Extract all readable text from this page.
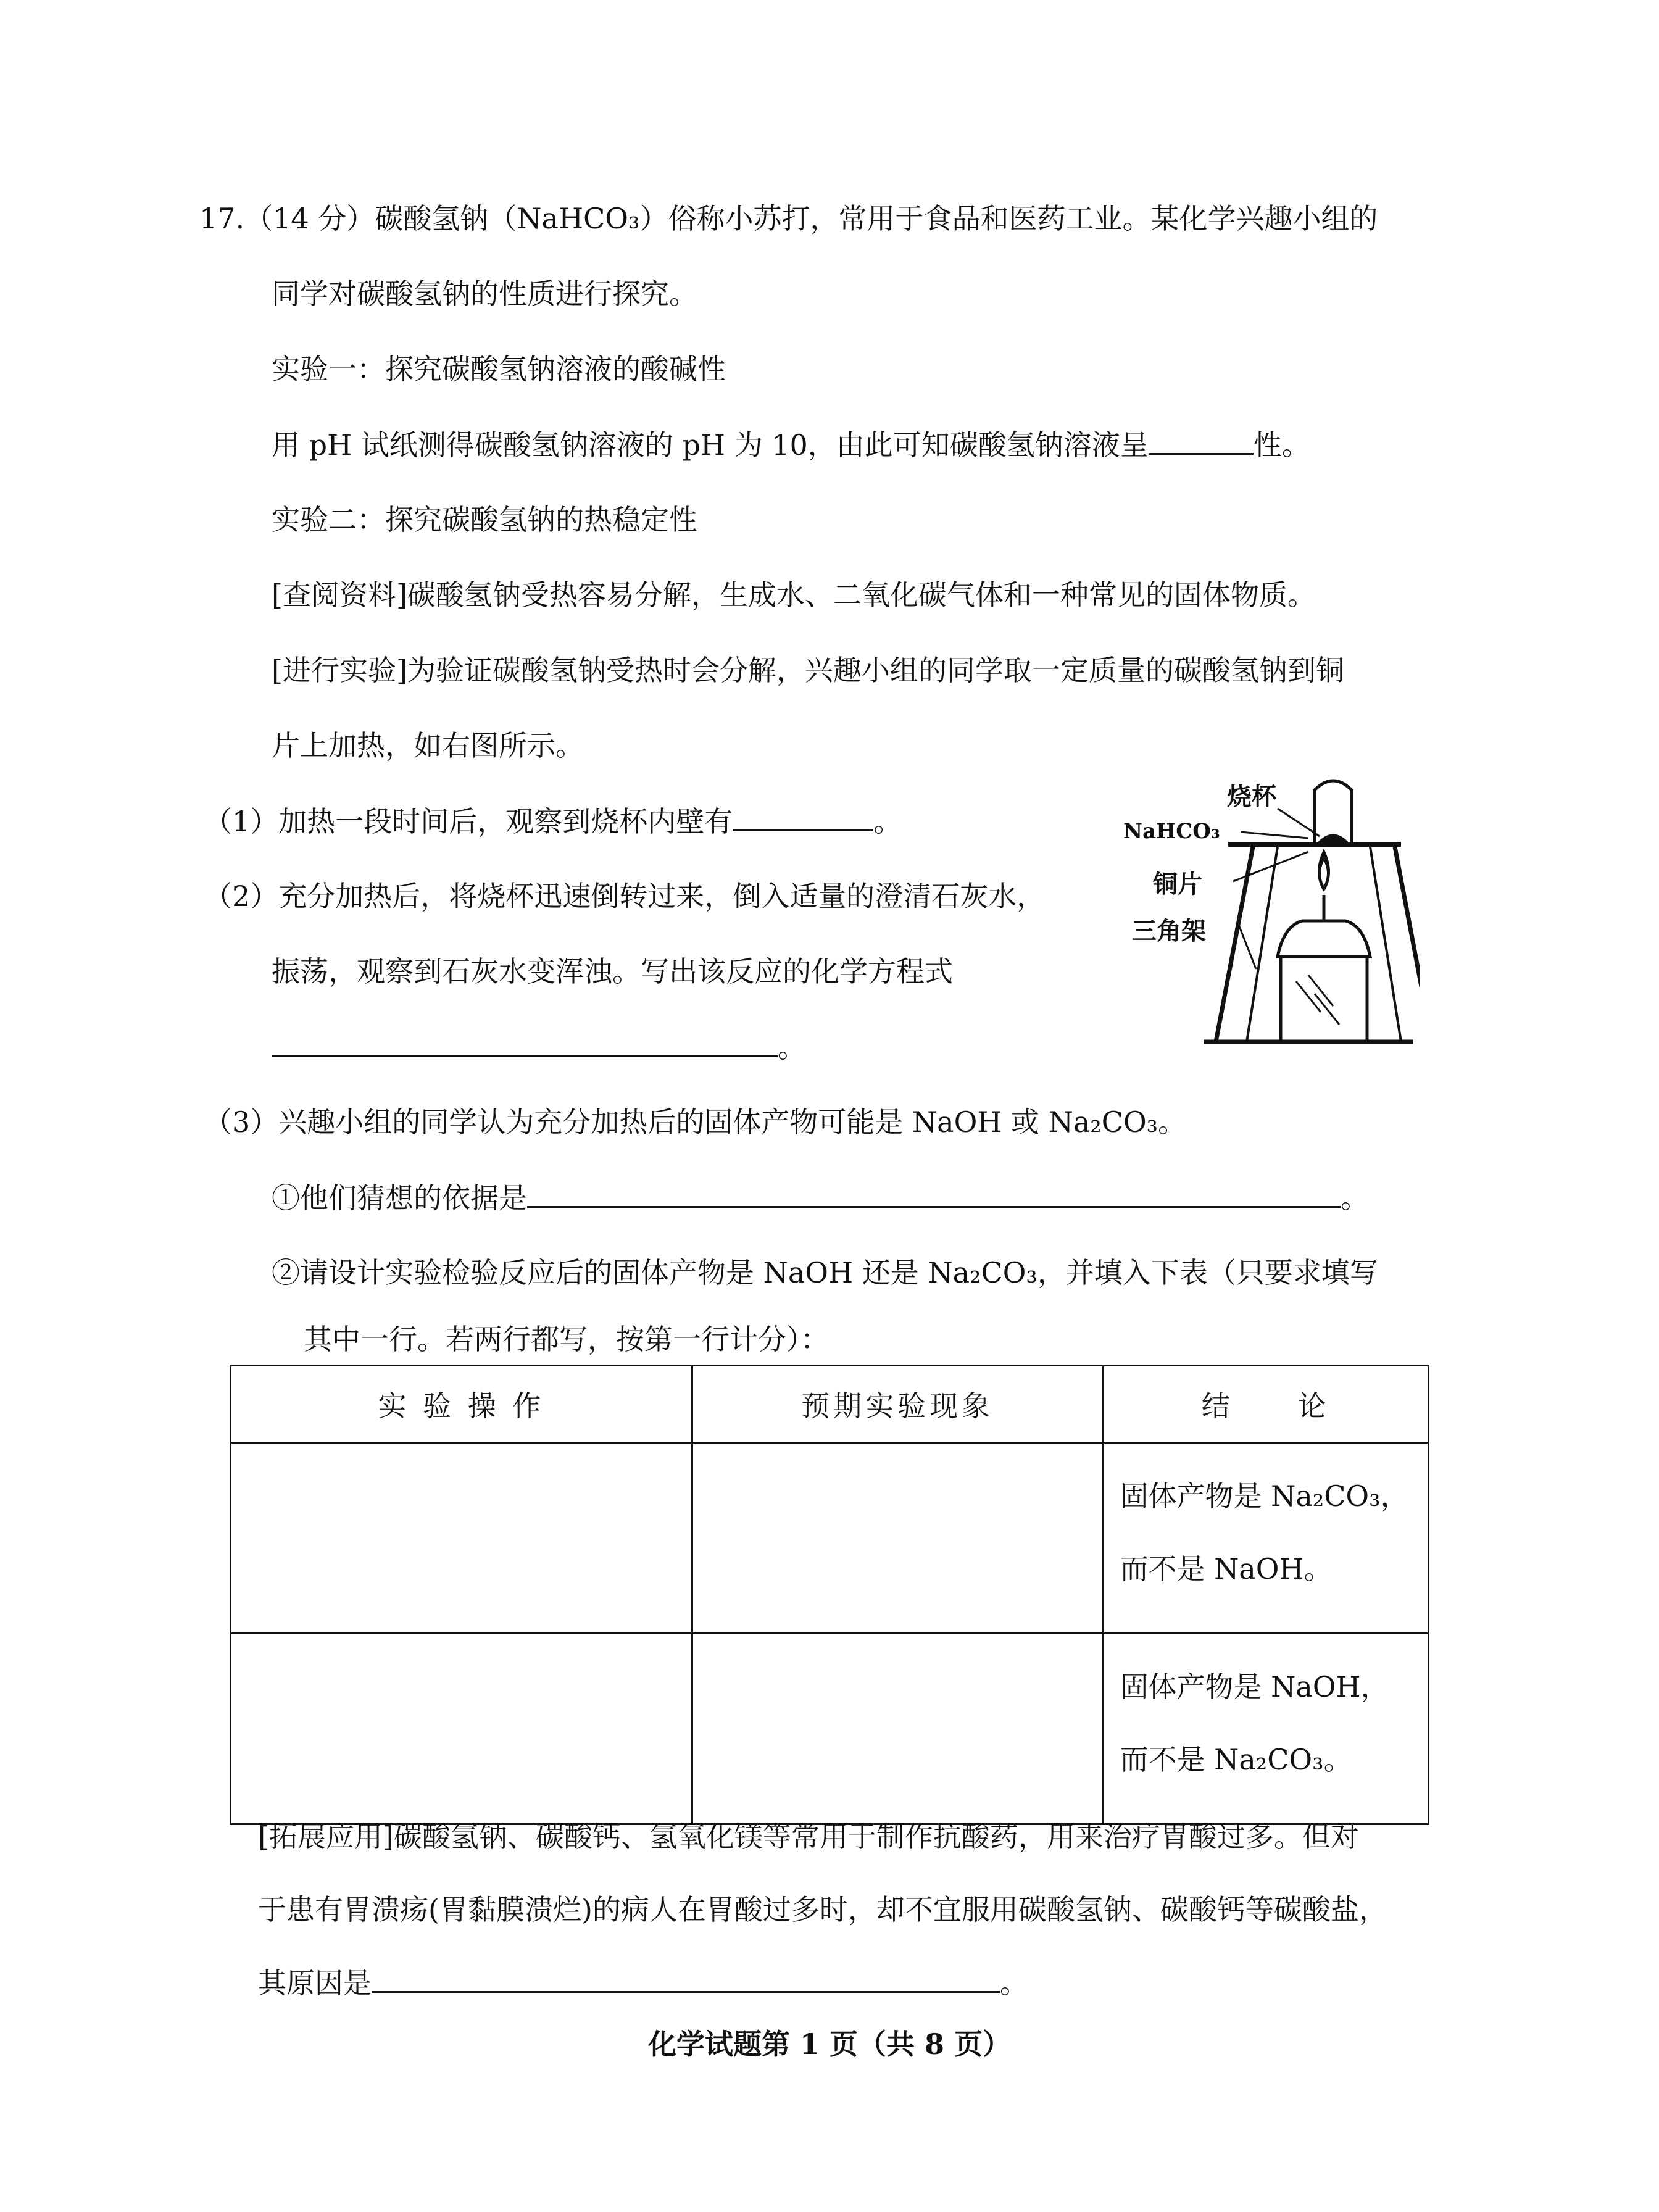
17.（14 分）碳酸氢钠（NaHCO₃）俗称小苏打，常用于食品和医药工业。某化学兴趣小组的
同学对碳酸氢钠的性质进行探究。
实验一：探究碳酸氢钠溶液的酸碱性
用 pH 试纸测得碳酸氢钠溶液的 pH 为 10，由此可知碳酸氢钠溶液呈	性。
实验二：探究碳酸氢钠的热稳定性
[查阅资料]碳酸氢钠受热容易分解，生成水、二氧化碳气体和一种常见的固体物质。
[进行实验]为验证碳酸氢钠受热时会分解，兴趣小组的同学取一定质量的碳酸氢钠到铜
片上加热，如右图所示。
（1）加热一段时间后，观察到烧杯内壁有	。
（2）充分加热后，将烧杯迅速倒转过来，倒入适量的澄清石灰水，
振荡，观察到石灰水变浑浊。写出该反应的化学方程式
。
烧杯
NaHCO₃
铜片
三角架
（3）兴趣小组的同学认为充分加热后的固体产物可能是 NaOH 或 Na₂CO₃。
①他们猜想的依据是	。
②请设计实验检验反应后的固体产物是 NaOH 还是 Na₂CO₃，并填入下表（只要求填写
其中一行。若两行都写，按第一行计分）：
实 验 操 作	预期实验现象	结　　论

		固体产物是 Na₂CO₃，
而不是 NaOH。

		固体产物是 NaOH，
而不是 Na₂CO₃。
[拓展应用]碳酸氢钠、碳酸钙、氢氧化镁等常用于制作抗酸药，用来治疗胃酸过多。但对
于患有胃溃疡(胃黏膜溃烂)的病人在胃酸过多时，却不宜服用碳酸氢钠、碳酸钙等碳酸盐，
其原因是	。
化学试题第 1 页（共 8 页）
